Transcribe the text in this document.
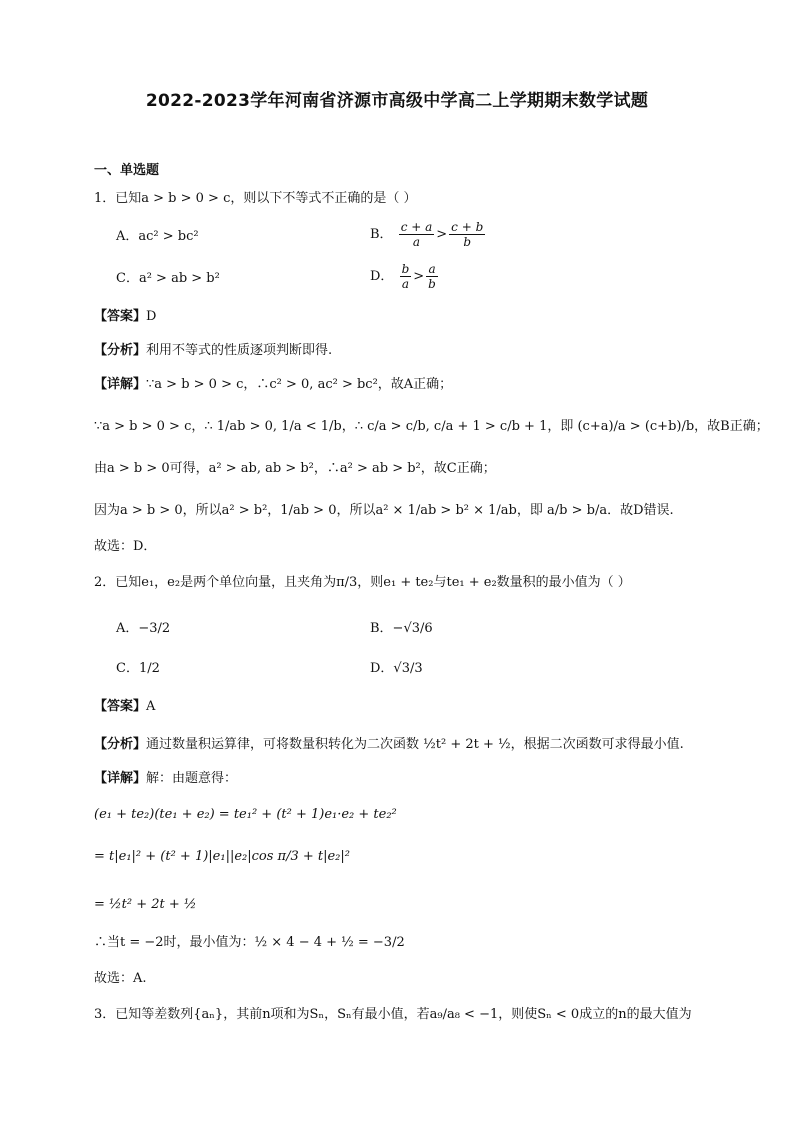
2022-2023学年河南省济源市高级中学高二上学期期末数学试题
一、单选题
1．已知a > b > 0 > c，则以下不等式不正确的是（ ）
A．ac² > bc²	B． $\frac{c + a}{a} > \frac{c + b}{b}$
C．a² > ab > b²	D． $\frac{b}{a} > \frac{a}{b}$
【答案】D
【分析】利用不等式的性质逐项判断即得.
【详解】∵a > b > 0 > c，∴c² > 0, ac² > bc²，故A正确；
∵a > b > 0 > c，∴ 1/ab > 0, 1/a < 1/b，∴ c/a > c/b, c/a + 1 > c/b + 1，即 (c+a)/a > (c+b)/b，故B正确；
由a > b > 0可得，a² > ab, ab > b²，∴a² > ab > b²，故C正确；
因为a > b > 0，所以a² > b²，1/ab > 0，所以a² × 1/ab > b² × 1/ab，即 a/b > b/a．故D错误.
故选：D．
2．已知e₁，e₂是两个单位向量，且夹角为π/3，则e₁ + te₂与te₁ + e₂数量积的最小值为（ ）
A．−3/2	B．−√3/6
C．1/2	D．√3/3
【答案】A
【分析】通过数量积运算律，可将数量积转化为二次函数 ½t² + 2t + ½，根据二次函数可求得最小值.
【详解】解：由题意得：
(e₁ + te₂)(te₁ + e₂) = te₁² + (t² + 1)e₁·e₂ + te₂²
= t|e₁|² + (t² + 1)|e₁||e₂|cos π/3 + t|e₂|²
= ½t² + 2t + ½
∴当t = −2时，最小值为：½ × 4 − 4 + ½ = −3/2
故选：A.
3．已知等差数列{aₙ}，其前n项和为Sₙ，Sₙ有最小值，若a₉/a₈ < −1，则使Sₙ < 0成立的n的最大值为
